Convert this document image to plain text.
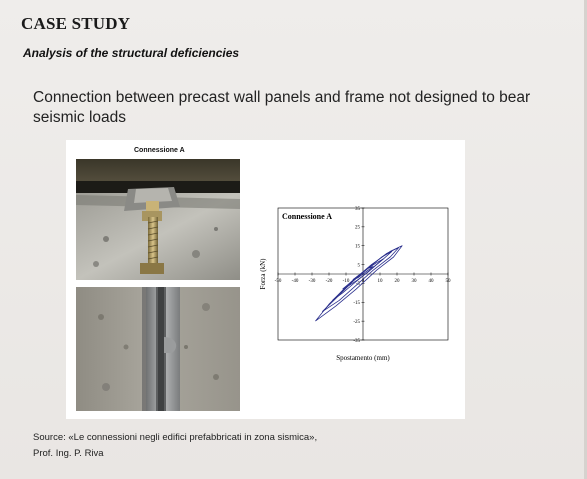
CASE STUDY
Analysis of the structural deficiencies
Connection between precast wall panels and frame not designed to bear seismic loads
Connessione A
Connessione A
-50 -40 -30 -20 -10 0	10 20 30 40 50
-35
-25
-15
-5
5
15
25
35
Spostamento (mm)
Forza (kN)
Source: «Le connessioni negli edifici prefabbricati in zona sismica»,
Prof. Ing. P. Riva
